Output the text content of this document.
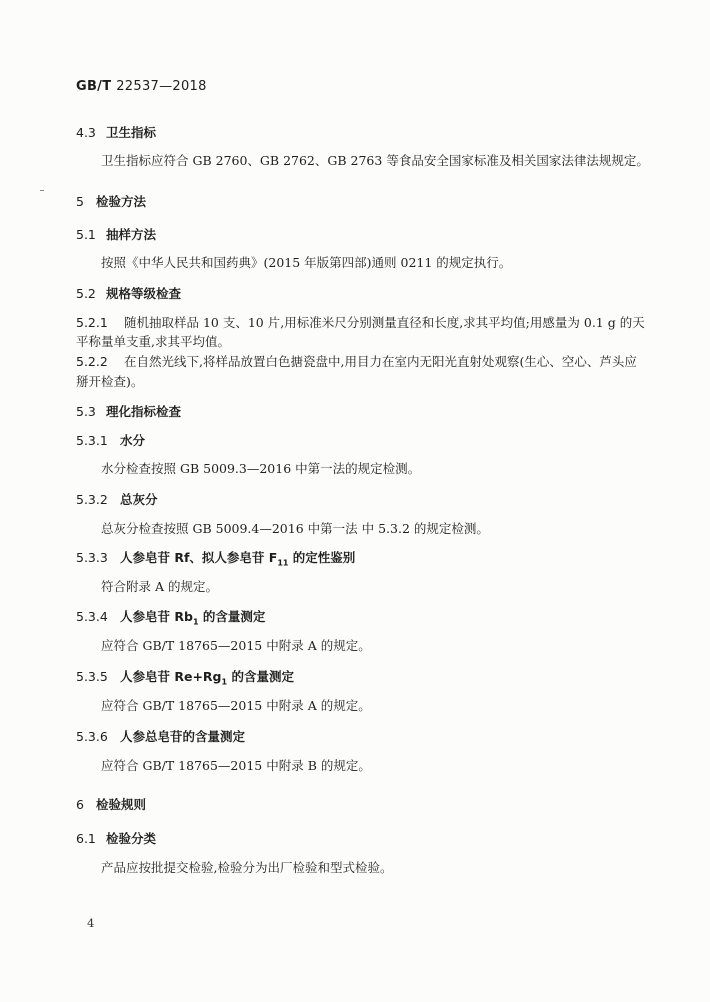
GB/T 22537—2018
4.3 卫生指标
卫生指标应符合 GB 2760、GB 2762、GB 2763 等食品安全国家标准及相关国家法律法规规定。
5 检验方法
5.1 抽样方法
按照《中华人民共和国药典》(2015 年版第四部)通则 0211 的规定执行。
5.2 规格等级检查
5.2.1 随机抽取样品 10 支、10 片,用标准米尺分别测量直径和长度,求其平均值;用感量为 0.1 g 的天
平称量单支重,求其平均值。
5.2.2 在自然光线下,将样品放置白色搪瓷盘中,用目力在室内无阳光直射处观察(生心、空心、芦头应
掰开检查)。
5.3 理化指标检查
5.3.1 水分
水分检查按照 GB 5009.3—2016 中第一法的规定检测。
5.3.2 总灰分
总灰分检查按照 GB 5009.4—2016 中第一法 中 5.3.2 的规定检测。
5.3.3 人参皂苷 Rf、拟人参皂苷 $F_{11}$ 的定性鉴别
符合附录 A 的规定。
5.3.4 人参皂苷 $Rb_1$ 的含量测定
应符合 GB/T 18765—2015 中附录 A 的规定。
5.3.5 人参皂苷 $Re+Rg_1$ 的含量测定
应符合 GB/T 18765—2015 中附录 A 的规定。
5.3.6 人参总皂苷的含量测定
应符合 GB/T 18765—2015 中附录 B 的规定。
6 检验规则
6.1 检验分类
产品应按批提交检验,检验分为出厂检验和型式检验。
4
